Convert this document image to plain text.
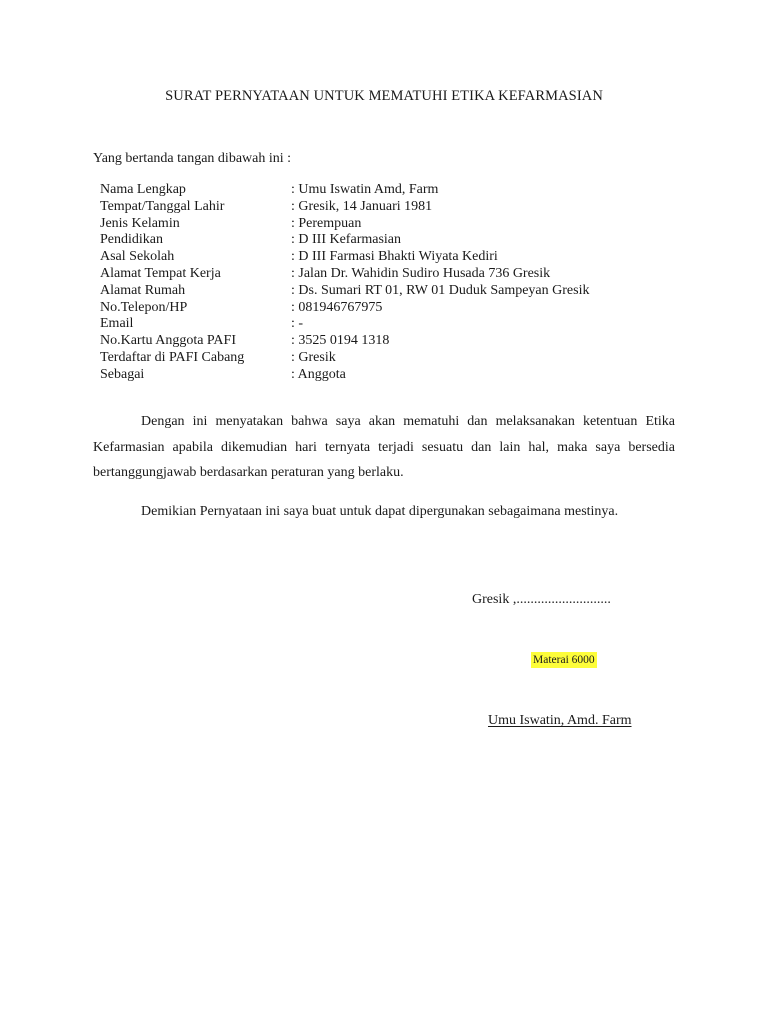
SURAT PERNYATAAN UNTUK MEMATUHI ETIKA KEFARMASIAN
Yang bertanda tangan dibawah ini :
Nama Lengkap	: Umu Iswatin Amd, Farm
Tempat/Tanggal Lahir	: Gresik, 14 Januari 1981
Jenis Kelamin	: Perempuan
Pendidikan	: D III Kefarmasian
Asal Sekolah	: D III Farmasi Bhakti Wiyata Kediri
Alamat Tempat Kerja	: Jalan Dr. Wahidin Sudiro Husada 736 Gresik
Alamat Rumah	: Ds. Sumari RT 01, RW 01 Duduk Sampeyan Gresik
No.Telepon/HP	: 081946767975
Email	: -
No.Kartu Anggota PAFI	: 3525 0194 1318
Terdaftar di PAFI Cabang	: Gresik
Sebagai	: Anggota

Dengan ini menyatakan bahwa saya akan mematuhi dan melaksanakan ketentuan Etika Kefarmasian apabila dikemudian hari ternyata terjadi sesuatu dan lain hal, maka saya bersedia bertanggungjawab berdasarkan peraturan yang berlaku.

Demikian Pernyataan ini saya buat untuk dapat dipergunakan sebagaimana mestinya.

Gresik ,...........................
Materai 6000
Umu Iswatin, Amd. Farm
